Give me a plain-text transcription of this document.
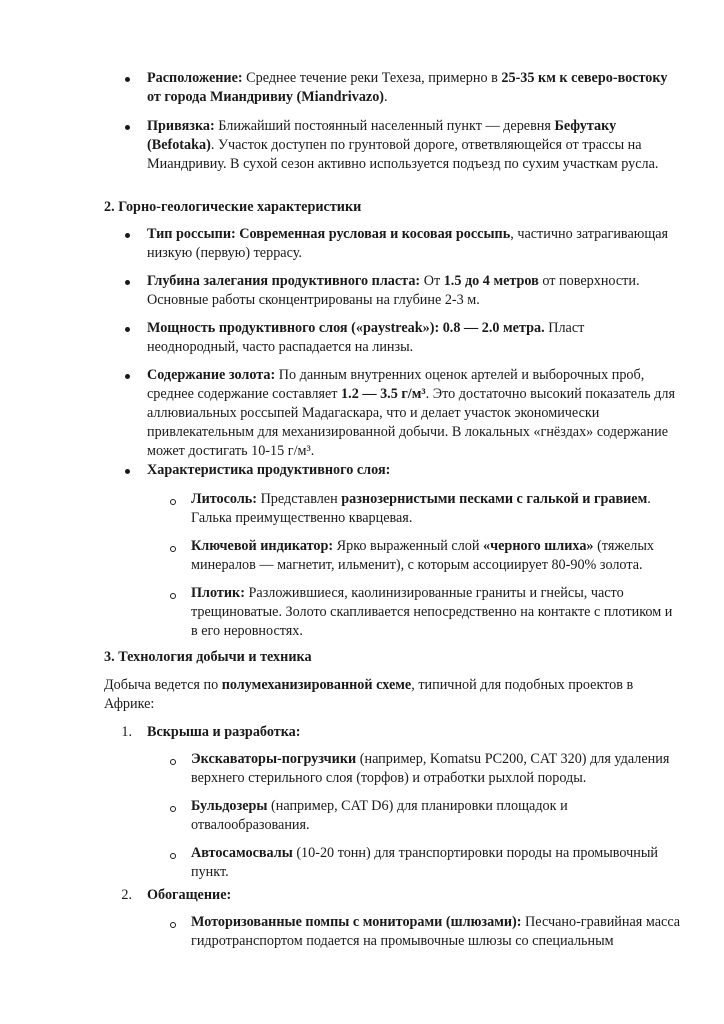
Расположение: Среднее течение реки Техеза, примерно в 25-35 км к северо-востоку от города Миандривиу (Miandrivazo).
Привязка: Ближайший постоянный населенный пункт — деревня Бефутаку (Befotaka). Участок доступен по грунтовой дороге, ответвляющейся от трассы на Миандривиу. В сухой сезон активно используется подъезд по сухим участкам русла.
2. Горно-геологические характеристики
Тип россыпи: Современная русловая и косовая россыпь, частично затрагивающая низкую (первую) террасу.
Глубина залегания продуктивного пласта: От 1.5 до 4 метров от поверхности. Основные работы сконцентрированы на глубине 2-3 м.
Мощность продуктивного слоя («paystreak»): 0.8 — 2.0 метра. Пласт неоднородный, часто распадается на линзы.
Содержание золота: По данным внутренних оценок артелей и выборочных проб, среднее содержание составляет 1.2 — 3.5 г/м³. Это достаточно высокий показатель для аллювиальных россыпей Мадагаскара, что и делает участок экономически привлекательным для механизированной добычи. В локальных «гнёздах» содержание может достигать 10-15 г/м³.
Характеристика продуктивного слоя:
Литосоль: Представлен разнозернистыми песками с галькой и гравием. Галька преимущественно кварцевая.
Ключевой индикатор: Ярко выраженный слой «черного шлиха» (тяжелых минералов — магнетит, ильменит), с которым ассоциирует 80-90% золота.
Плотик: Разложившиеся, каолинизированные граниты и гнейсы, часто трещиноватые. Золото скапливается непосредственно на контакте с плотиком и в его неровностях.
3. Технология добычи и техника
Добыча ведется по полумеханизированной схеме, типичной для подобных проектов в Африке:
1. Вскрыша и разработка:
Экскаваторы-погрузчики (например, Komatsu PC200, CAT 320) для удаления верхнего стерильного слоя (торфов) и отработки рыхлой породы.
Бульдозеры (например, CAT D6) для планировки площадок и отвалообразования.
Автосамосвалы (10-20 тонн) для транспортировки породы на промывочный пункт.
2. Обогащение:
Моторизованные помпы с мониторами (шлюзами): Песчано-гравийная масса гидротранспортом подается на промывочные шлюзы со специальным
